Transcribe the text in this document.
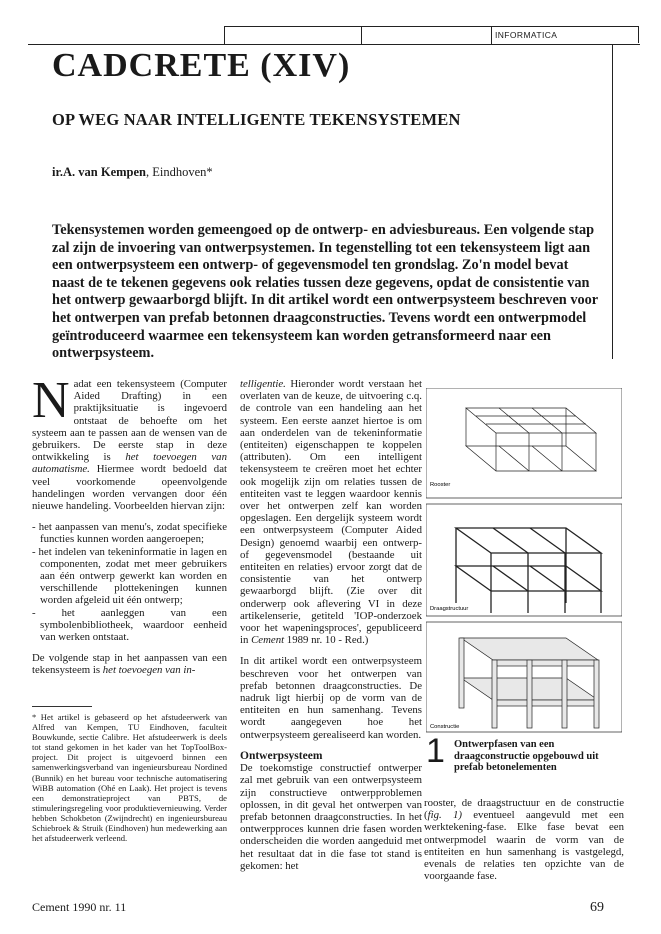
INFORMATICA
CADCRETE (XIV)
OP WEG NAAR INTELLIGENTE TEKENSYSTEMEN
ir.A. van Kempen, Eindhoven*

Tekensystemen worden gemeengoed op de ontwerp- en adviesbureaus. Een volgende stap zal zijn de invoering van ontwerpsystemen. In tegenstelling tot een tekensysteem ligt aan een ontwerpsysteem een ontwerp- of gegevensmodel ten grondslag. Zo'n model bevat naast de te tekenen gegevens ook relaties tussen deze gegevens, opdat de consistentie van het ontwerp gewaarborgd blijft. In dit artikel wordt een ontwerpsysteem beschreven voor het ontwerpen van prefab betonnen draagconstructies. Tevens wordt een ontwerpmodel geïntroduceerd waarmee een tekensysteem kan worden getransformeerd naar een ontwerpsysteem.

Nadat een tekensysteem (Computer Aided Drafting) in een praktijksituatie is ingevoerd ontstaat de behoefte om het systeem aan te passen aan de wensen van de gebruikers. De eerste stap in deze ontwikkeling is het toevoegen van automatisme. Hiermee wordt bedoeld dat veel voorkomende opeenvolgende handelingen worden vervangen door één nieuwe handeling. Voorbeelden hiervan zijn:

- het aanpassen van menu's, zodat specifieke functies kunnen worden aangeroepen;
- het indelen van tekeninformatie in lagen en componenten, zodat met meer gebruikers aan één ontwerp gewerkt kan worden en verschillende plottekeningen kunnen worden afgeleid uit één ontwerp;
- het aanleggen van een symbolenbibliotheek, waardoor eenheid van werken ontstaat.

De volgende stap in het aanpassen van een tekensysteem is het toevoegen van in-

* Het artikel is gebaseerd op het afstudeerwerk van Alfred van Kempen, TU Eindhoven, faculteit Bouwkunde, sectie Calibre. Het afstudeerwerk is deels tot stand gekomen in het kader van het TopToolBox-project. Dit project is uitgevoerd binnen een samenwerkingsverband van ingenieursbureau Nordined (Bunnik) en het bureau voor technische automatisering WiBB automation (Ohé en Laak). Het project is tevens een demonstratieproject van PBTS, de stimuleringsregeling voor produktievernieuwing. Verder hebben Schokbeton (Zwijndrecht) en ingenieursbureau Schiebroek & Struik (Eindhoven) hun medewerking aan het afstudeerwerk verleend.

telligentie. Hieronder wordt verstaan het overlaten van de keuze, de uitvoering c.q. de controle van een handeling aan het systeem. Een eerste aanzet hiertoe is om aan onderdelen van de tekeninformatie (entiteiten) eigenschappen te koppelen (attributen). Om een intelligent tekensysteem te creëren moet het echter ook mogelijk zijn om relaties tussen de entiteiten vast te leggen waardoor kennis over het ontwerpen zelf kan worden opgeslagen. Een dergelijk systeem wordt een ontwerpsysteem (Computer Aided Design) genoemd waarbij een ontwerp- of gegevensmodel (bestaande uit entiteiten en relaties) ervoor zorgt dat de consistentie van het ontwerp gewaarborgd blijft. (Zie over dit onderwerp ook aflevering VI in deze artikelenserie, getiteld 'IOP-onderzoek voor het wapeningsproces', gepubliceerd in Cement 1989 nr. 10 - Red.)

In dit artikel wordt een ontwerpsysteem beschreven voor het ontwerpen van prefab betonnen draagconstructies. De nadruk ligt hierbij op de vorm van de entiteiten en hun samenhang. Tevens wordt aangegeven hoe het ontwerpsysteem gerealiseerd kan worden.

Ontwerpsysteem

De toekomstige constructief ontwerper zal met gebruik van een ontwerpsysteem zijn constructieve ontwerpproblemen oplossen, in dit geval het ontwerpen van prefab betonnen draagconstructies. In het ontwerpproces kunnen drie fasen worden onderscheiden die worden aangeduid met het resultaat dat in die fase tot stand is gekomen: het

Rooster
Draagstructuur
Constructie
1 Ontwerpfasen van een draagconstructie opgebouwd uit prefab betonelementen

rooster, de draagstructuur en de constructie (fig. 1) eventueel aangevuld met een werktekening-fase. Elke fase bevat een ontwerpmodel waarin de vorm van de entiteiten en hun samenhang is vastgelegd, evenals de relaties ten opzichte van de voorgaande fase.

Cement 1990 nr. 11	69
